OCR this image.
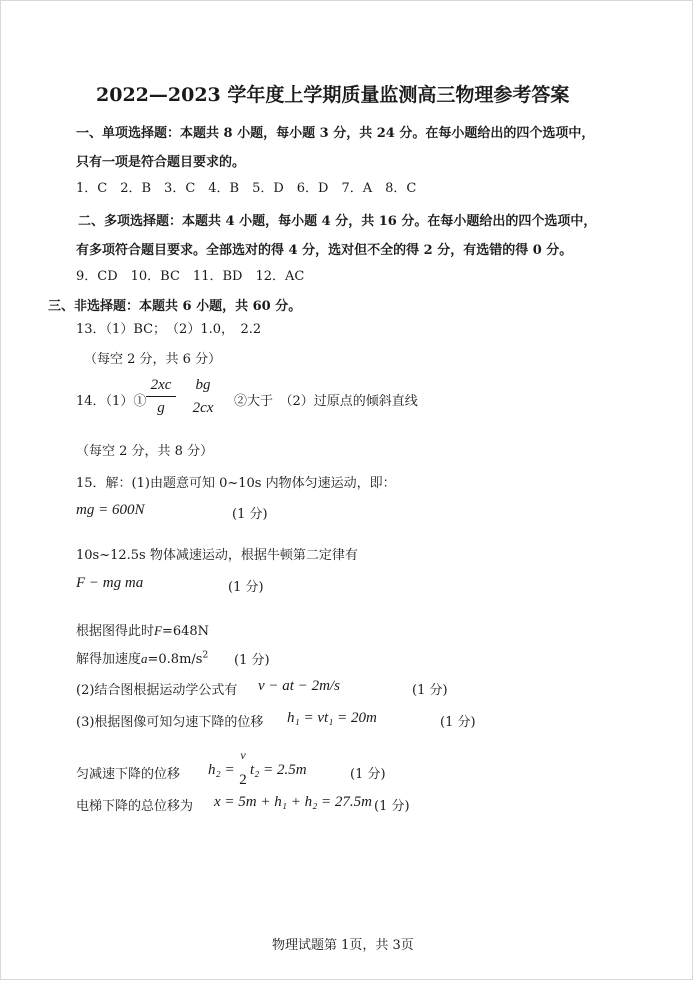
2022—2023 学年度上学期质量监测高三物理参考答案
一、单项选择题：本题共 8 小题，每小题 3 分，共 24 分。在每小题给出的四个选项中，
只有一项是符合题目要求的。
1．C　2．B　3．C　4．B　5．D　6．D　7．A　8．C
二、多项选择题：本题共 4 小题，每小题 4 分，共 16 分。在每小题给出的四个选项中，
有多项符合题目要求。全部选对的得 4 分，选对但不全的得 2 分，有选错的得 0 分。
9．CD　10．BC　11．BD　12．AC
三、非选择题：本题共 6 小题，共 60 分。
13．（1）BC；　（2）1.0，　2.2
（每空 2 分，共 6 分）
14．（1）①
2xc
g
bg
2cx	②大于　（2）过原点的倾斜直线
（每空 2 分，共 8 分）
15．解：(1)由题意可知 0~10s 内物体匀速运动，即：
mg = 600N	(1 分)
10s~12.5s 物体减速运动，根据牛顿第二定律有
F − mg ma	(1 分)
根据图得此时F=648N
解得加速度$a=0.8m/s^2$ (1 分)
(2)结合图根据运动学公式有 v − at − 2m/s	(1 分)
(3)根据图像可知匀速下降的位移 h₁ = vt₁ = 20m	(1 分)
匀减速下降的位移 h₂ =
v
2
t₂ = 2.5m	(1 分)
电梯下降的总位移为 x = 5m + h₁ + h₂ = 27.5m (1 分)
物理试题第 1页，共 3页
